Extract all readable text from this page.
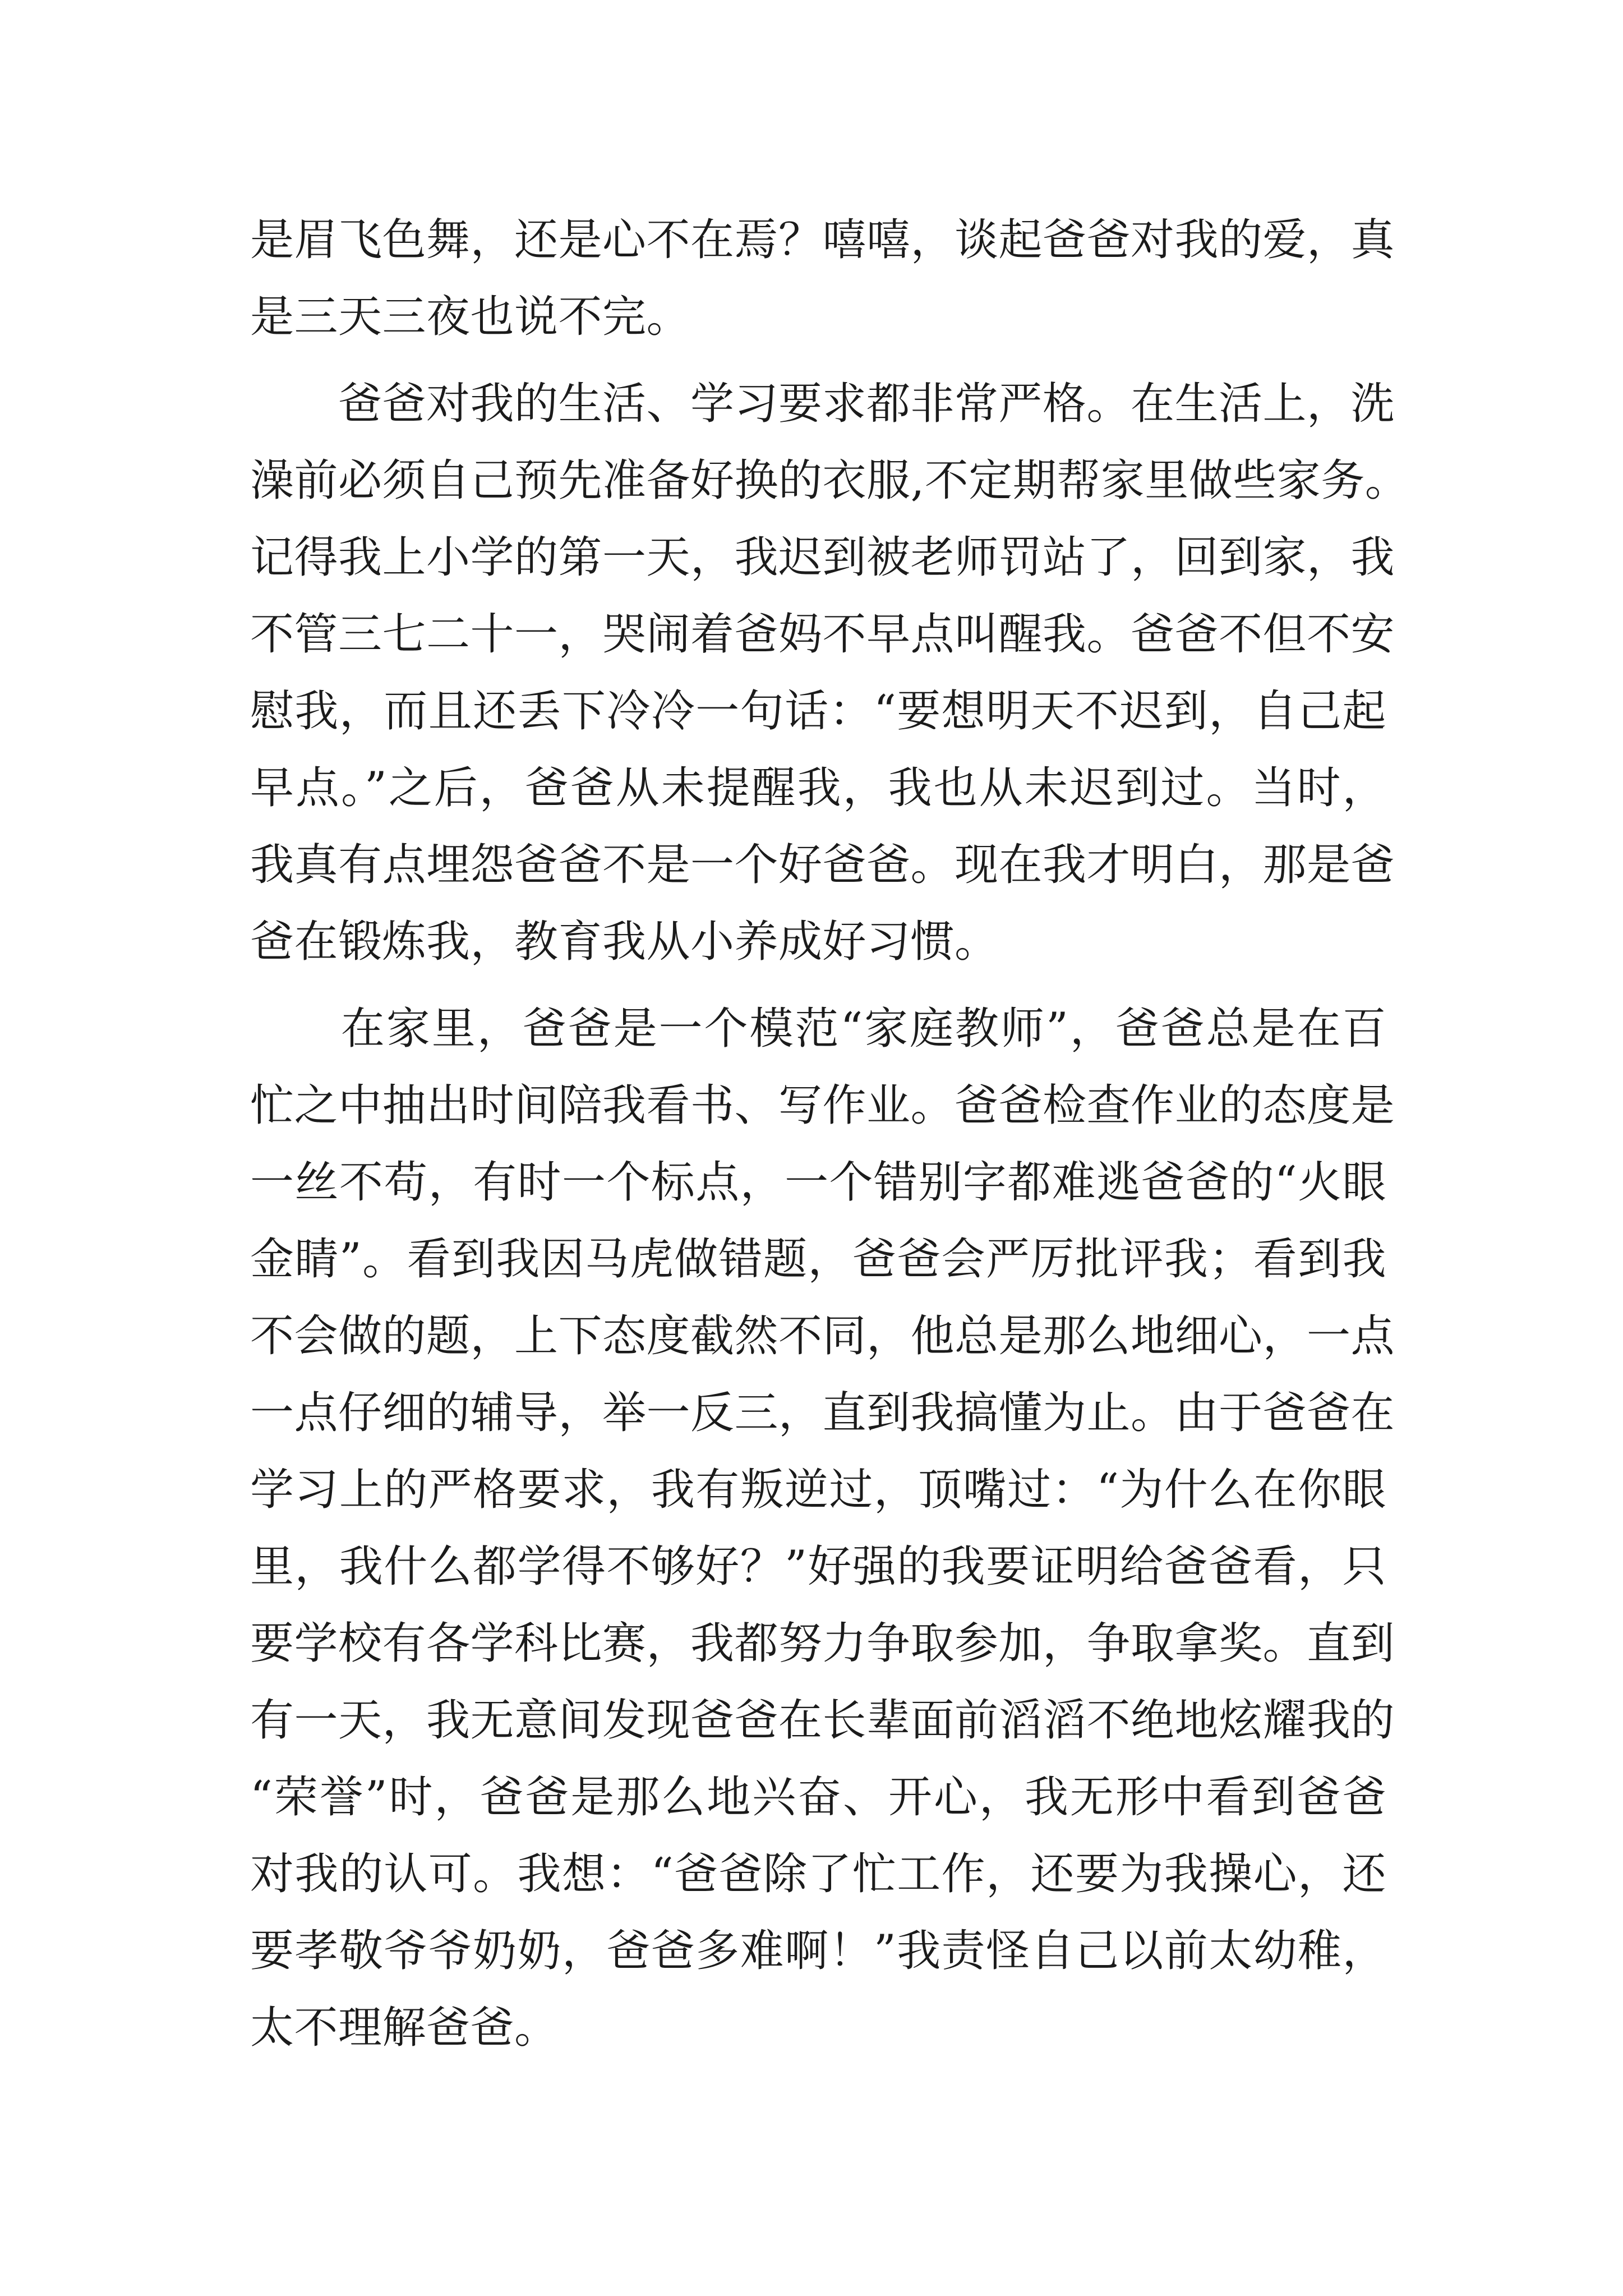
是眉飞色舞，还是心不在焉？嘻嘻，谈起爸爸对我的爱，真
是三天三夜也说不完。
　　爸爸对我的生活、学习要求都非常严格。在生活上，洗
澡前必须自己预先准备好换的衣服,不定期帮家里做些家务。
记得我上小学的第一天，我迟到被老师罚站了，回到家，我
不管三七二十一，哭闹着爸妈不早点叫醒我。爸爸不但不安
慰我，而且还丢下冷冷一句话：“要想明天不迟到，自己起
早点。”之后，爸爸从未提醒我，我也从未迟到过。当时，
我真有点埋怨爸爸不是一个好爸爸。现在我才明白，那是爸
爸在锻炼我，教育我从小养成好习惯。
　　在家里，爸爸是一个模范“家庭教师”，爸爸总是在百
忙之中抽出时间陪我看书、写作业。爸爸检查作业的态度是
一丝不苟，有时一个标点，一个错别字都难逃爸爸的“火眼
金睛”。看到我因马虎做错题，爸爸会严厉批评我；看到我
不会做的题，上下态度截然不同，他总是那么地细心，一点
一点仔细的辅导，举一反三，直到我搞懂为止。由于爸爸在
学习上的严格要求，我有叛逆过，顶嘴过：“为什么在你眼
里，我什么都学得不够好？”好强的我要证明给爸爸看，只
要学校有各学科比赛，我都努力争取参加，争取拿奖。直到
有一天，我无意间发现爸爸在长辈面前滔滔不绝地炫耀我的
“荣誉”时，爸爸是那么地兴奋、开心，我无形中看到爸爸
对我的认可。我想：“爸爸除了忙工作，还要为我操心，还
要孝敬爷爷奶奶，爸爸多难啊！”我责怪自己以前太幼稚，
太不理解爸爸。
